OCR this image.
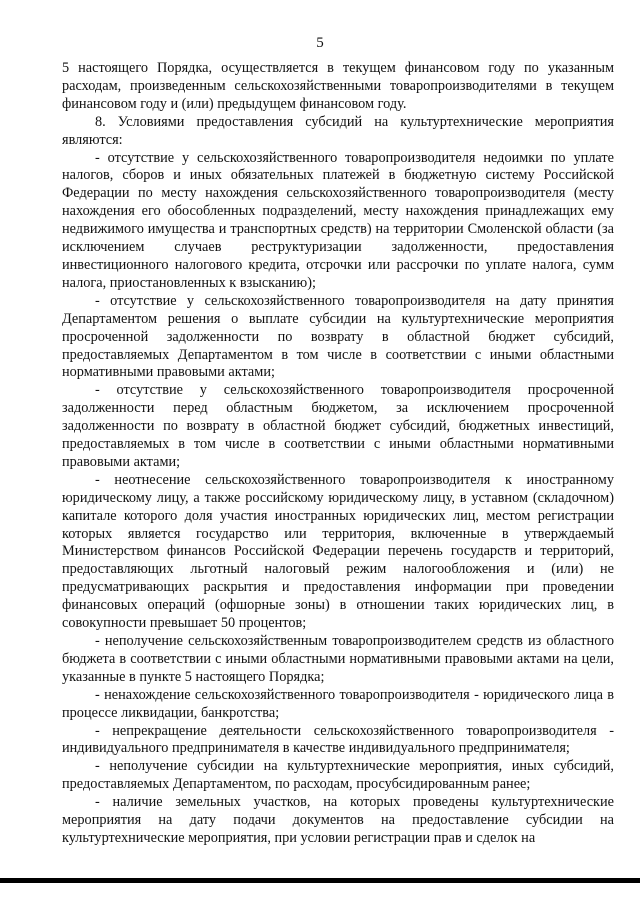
5

5 настоящего Порядка, осуществляется в текущем финансовом году по указанным расходам, произведенным сельскохозяйственными товаропроизводителями в текущем финансовом году и (или) предыдущем финансовом году.

8. Условиями предоставления субсидий на культуртехнические мероприятия являются:

- отсутствие у сельскохозяйственного товаропроизводителя недоимки по уплате налогов, сборов и иных обязательных платежей в бюджетную систему Российской Федерации по месту нахождения сельскохозяйственного товаропроизводителя (месту нахождения его обособленных подразделений, месту нахождения принадлежащих ему недвижимого имущества и транспортных средств) на территории Смоленской области (за исключением случаев реструктуризации задолженности, предоставления инвестиционного налогового кредита, отсрочки или рассрочки по уплате налога, сумм налога, приостановленных к взысканию);

- отсутствие у сельскохозяйственного товаропроизводителя на дату принятия Департаментом решения о выплате субсидии на культуртехнические мероприятия просроченной задолженности по возврату в областной бюджет субсидий, предоставляемых Департаментом в том числе в соответствии с иными областными нормативными правовыми актами;

- отсутствие у сельскохозяйственного товаропроизводителя просроченной задолженности перед областным бюджетом, за исключением просроченной задолженности по возврату в областной бюджет субсидий, бюджетных инвестиций, предоставляемых в том числе в соответствии с иными областными нормативными правовыми актами;

- неотнесение сельскохозяйственного товаропроизводителя к иностранному юридическому лицу, а также российскому юридическому лицу, в уставном (складочном) капитале которого доля участия иностранных юридических лиц, местом регистрации которых является государство или территория, включенные в утверждаемый Министерством финансов Российской Федерации перечень государств и территорий, предоставляющих льготный налоговый режим налогообложения и (или) не предусматривающих раскрытия и предоставления информации при проведении финансовых операций (офшорные зоны) в отношении таких юридических лиц, в совокупности превышает 50 процентов;

- неполучение сельскохозяйственным товаропроизводителем средств из областного бюджета в соответствии с иными областными нормативными правовыми актами на цели, указанные в пункте 5 настоящего Порядка;

- ненахождение сельскохозяйственного товаропроизводителя - юридического лица в процессе ликвидации, банкротства;

- непрекращение деятельности сельскохозяйственного товаропроизводителя - индивидуального предпринимателя в качестве индивидуального предпринимателя;

- неполучение субсидии на культуртехнические мероприятия, иных субсидий, предоставляемых Департаментом, по расходам, просубсидированным ранее;

- наличие земельных участков, на которых проведены культуртехнические мероприятия на дату подачи документов на предоставление субсидии на культуртехнические мероприятия, при условии регистрации прав и сделок на
